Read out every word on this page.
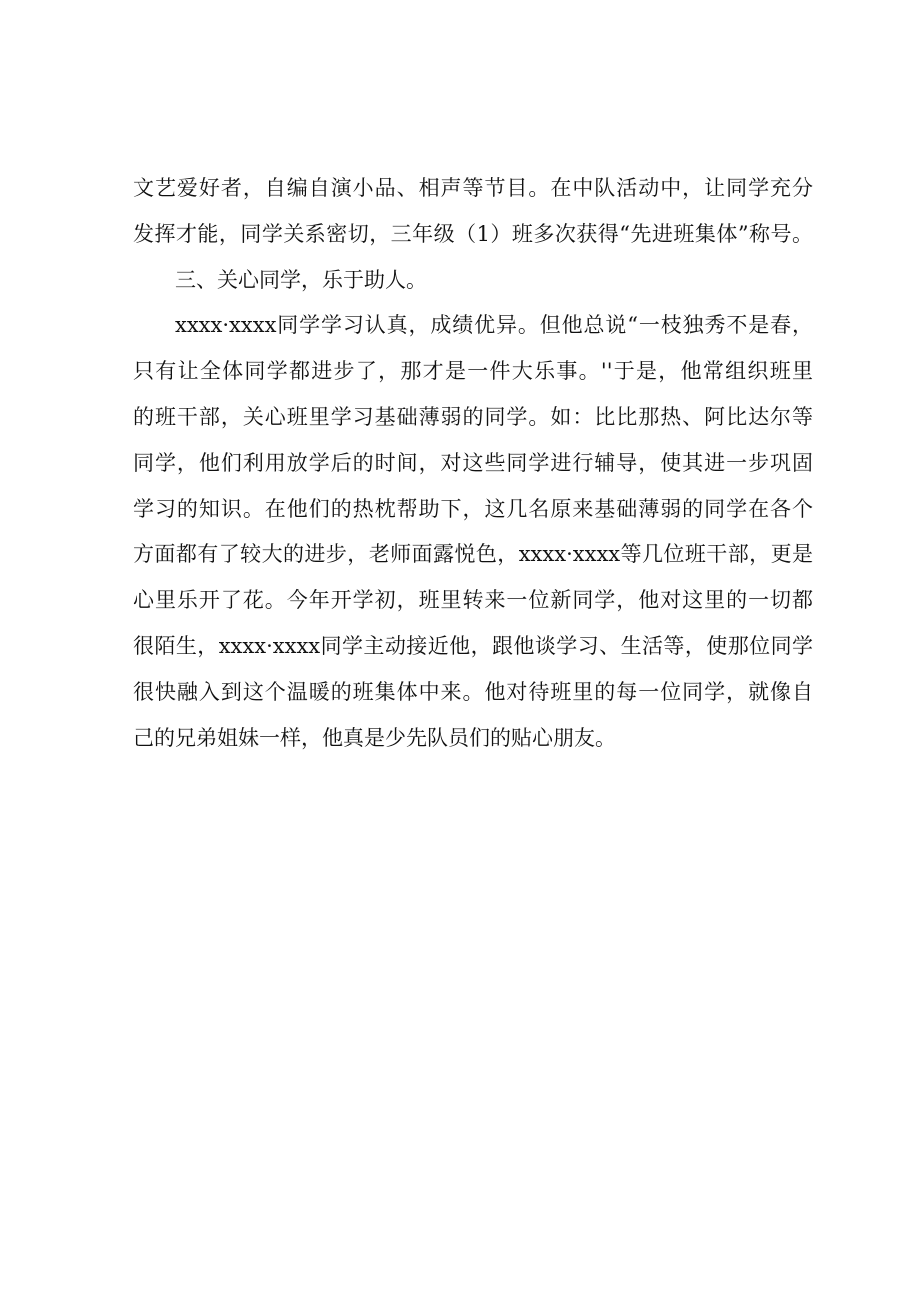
文艺爱好者，自编自演小品、相声等节目。在中队活动中，让同学充分
发挥才能，同学关系密切，三年级（1）班多次获得“先进班集体”称号。
三、关心同学，乐于助人。
xxxx·xxxx同学学习认真，成绩优异。但他总说“一枝独秀不是春，
只有让全体同学都进步了，那才是一件大乐事。''于是，他常组织班里
的班干部，关心班里学习基础薄弱的同学。如：比比那热、阿比达尔等
同学，他们利用放学后的时间，对这些同学进行辅导，使其进一步巩固
学习的知识。在他们的热枕帮助下，这几名原来基础薄弱的同学在各个
方面都有了较大的进步，老师面露悦色，xxxx·xxxx等几位班干部，更是
心里乐开了花。今年开学初，班里转来一位新同学，他对这里的一切都
很陌生，xxxx·xxxx同学主动接近他，跟他谈学习、生活等，使那位同学
很快融入到这个温暖的班集体中来。他对待班里的每一位同学，就像自
己的兄弟姐妹一样，他真是少先队员们的贴心朋友。
